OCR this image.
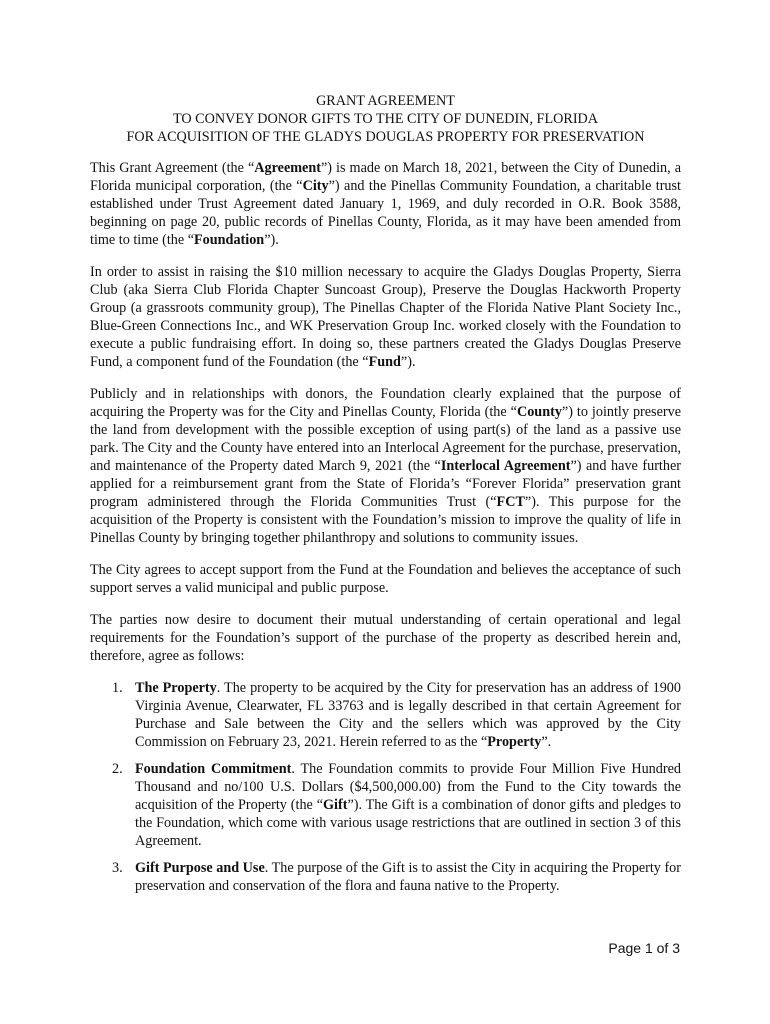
GRANT AGREEMENT
TO CONVEY DONOR GIFTS TO THE CITY OF DUNEDIN, FLORIDA
FOR ACQUISITION OF THE GLADYS DOUGLAS PROPERTY FOR PRESERVATION

This Grant Agreement (the “Agreement”) is made on March 18, 2021, between the City of Dunedin, a Florida municipal corporation, (the “City”) and the Pinellas Community Foundation, a charitable trust established under Trust Agreement dated January 1, 1969, and duly recorded in O.R. Book 3588, beginning on page 20, public records of Pinellas County, Florida, as it may have been amended from time to time (the “Foundation”).

In order to assist in raising the $10 million necessary to acquire the Gladys Douglas Property, Sierra Club (aka Sierra Club Florida Chapter Suncoast Group), Preserve the Douglas Hackworth Property Group (a grassroots community group), The Pinellas Chapter of the Florida Native Plant Society Inc., Blue-Green Connections Inc., and WK Preservation Group Inc. worked closely with the Foundation to execute a public fundraising effort. In doing so, these partners created the Gladys Douglas Preserve Fund, a component fund of the Foundation (the “Fund”).

Publicly and in relationships with donors, the Foundation clearly explained that the purpose of acquiring the Property was for the City and Pinellas County, Florida (the “County”) to jointly preserve the land from development with the possible exception of using part(s) of the land as a passive use park. The City and the County have entered into an Interlocal Agreement for the purchase, preservation, and maintenance of the Property dated March 9, 2021 (the “Interlocal Agreement”) and have further applied for a reimbursement grant from the State of Florida’s “Forever Florida” preservation grant program administered through the Florida Communities Trust (“FCT”). This purpose for the acquisition of the Property is consistent with the Foundation’s mission to improve the quality of life in Pinellas County by bringing together philanthropy and solutions to community issues.

The City agrees to accept support from the Fund at the Foundation and believes the acceptance of such support serves a valid municipal and public purpose.

The parties now desire to document their mutual understanding of certain operational and legal requirements for the Foundation’s support of the purchase of the property as described herein and, therefore, agree as follows:

1. The Property. The property to be acquired by the City for preservation has an address of 1900 Virginia Avenue, Clearwater, FL 33763 and is legally described in that certain Agreement for Purchase and Sale between the City and the sellers which was approved by the City Commission on February 23, 2021. Herein referred to as the “Property”.
2. Foundation Commitment. The Foundation commits to provide Four Million Five Hundred Thousand and no/100 U.S. Dollars ($4,500,000.00) from the Fund to the City towards the acquisition of the Property (the “Gift”). The Gift is a combination of donor gifts and pledges to the Foundation, which come with various usage restrictions that are outlined in section 3 of this Agreement.
3. Gift Purpose and Use. The purpose of the Gift is to assist the City in acquiring the Property for preservation and conservation of the flora and fauna native to the Property.
Page 1 of 3
